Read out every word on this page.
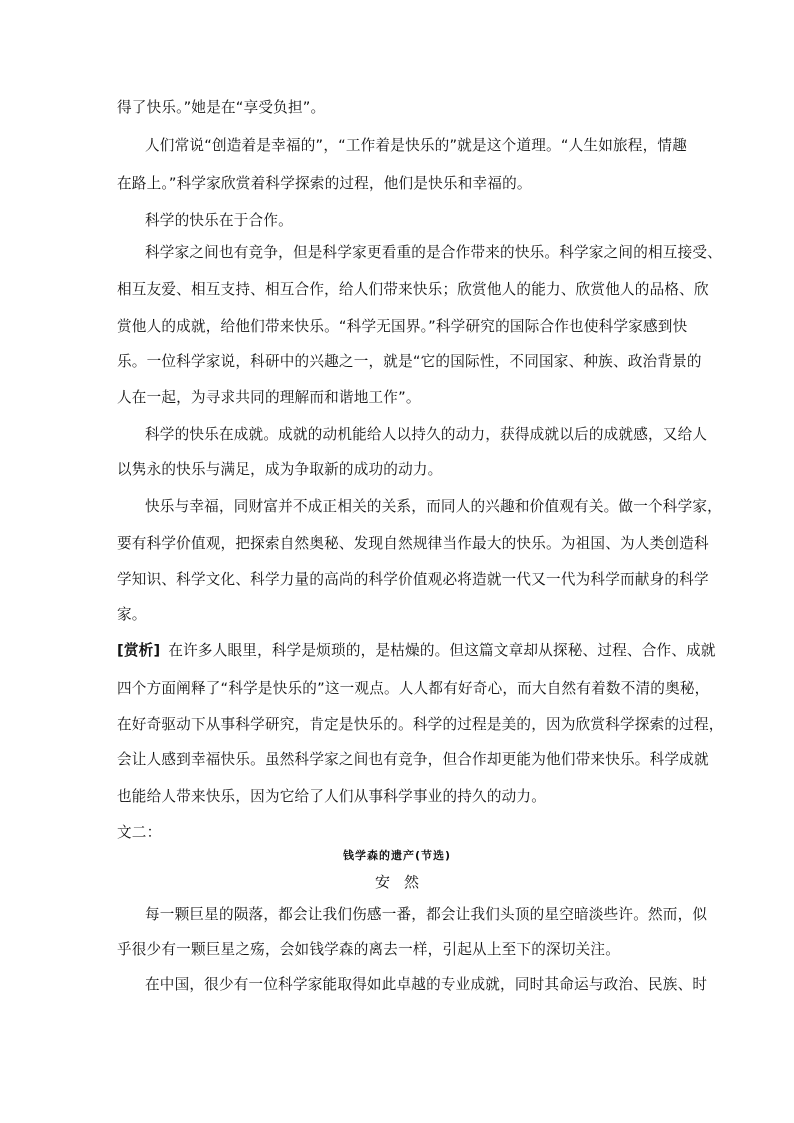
得了快乐。”她是在“享受负担”。
人们常说“创造着是幸福的”，“工作着是快乐的”就是这个道理。“人生如旅程，情趣
在路上。”科学家欣赏着科学探索的过程，他们是快乐和幸福的。
科学的快乐在于合作。
科学家之间也有竞争，但是科学家更看重的是合作带来的快乐。科学家之间的相互接受、
相互友爱、相互支持、相互合作，给人们带来快乐；欣赏他人的能力、欣赏他人的品格、欣
赏他人的成就，给他们带来快乐。“科学无国界。”科学研究的国际合作也使科学家感到快
乐。一位科学家说，科研中的兴趣之一，就是“它的国际性，不同国家、种族、政治背景的
人在一起，为寻求共同的理解而和谐地工作”。
科学的快乐在成就。成就的动机能给人以持久的动力，获得成就以后的成就感，又给人
以隽永的快乐与满足，成为争取新的成功的动力。
快乐与幸福，同财富并不成正相关的关系，而同人的兴趣和价值观有关。做一个科学家，
要有科学价值观，把探索自然奥秘、发现自然规律当作最大的快乐。为祖国、为人类创造科
学知识、科学文化、科学力量的高尚的科学价值观必将造就一代又一代为科学而献身的科学
家。
[赏析] 在许多人眼里，科学是烦琐的，是枯燥的。但这篇文章却从探秘、过程、合作、成就
四个方面阐释了“科学是快乐的”这一观点。人人都有好奇心，而大自然有着数不清的奥秘，
在好奇驱动下从事科学研究，肯定是快乐的。科学的过程是美的，因为欣赏科学探索的过程，
会让人感到幸福快乐。虽然科学家之间也有竞争，但合作却更能为他们带来快乐。科学成就
也能给人带来快乐，因为它给了人们从事科学事业的持久的动力。
文二：
钱学森的遗产(节选)
安然
每一颗巨星的陨落，都会让我们伤感一番，都会让我们头顶的星空暗淡些许。然而，似
乎很少有一颗巨星之殇，会如钱学森的离去一样，引起从上至下的深切关注。
在中国，很少有一位科学家能取得如此卓越的专业成就，同时其命运与政治、民族、时
